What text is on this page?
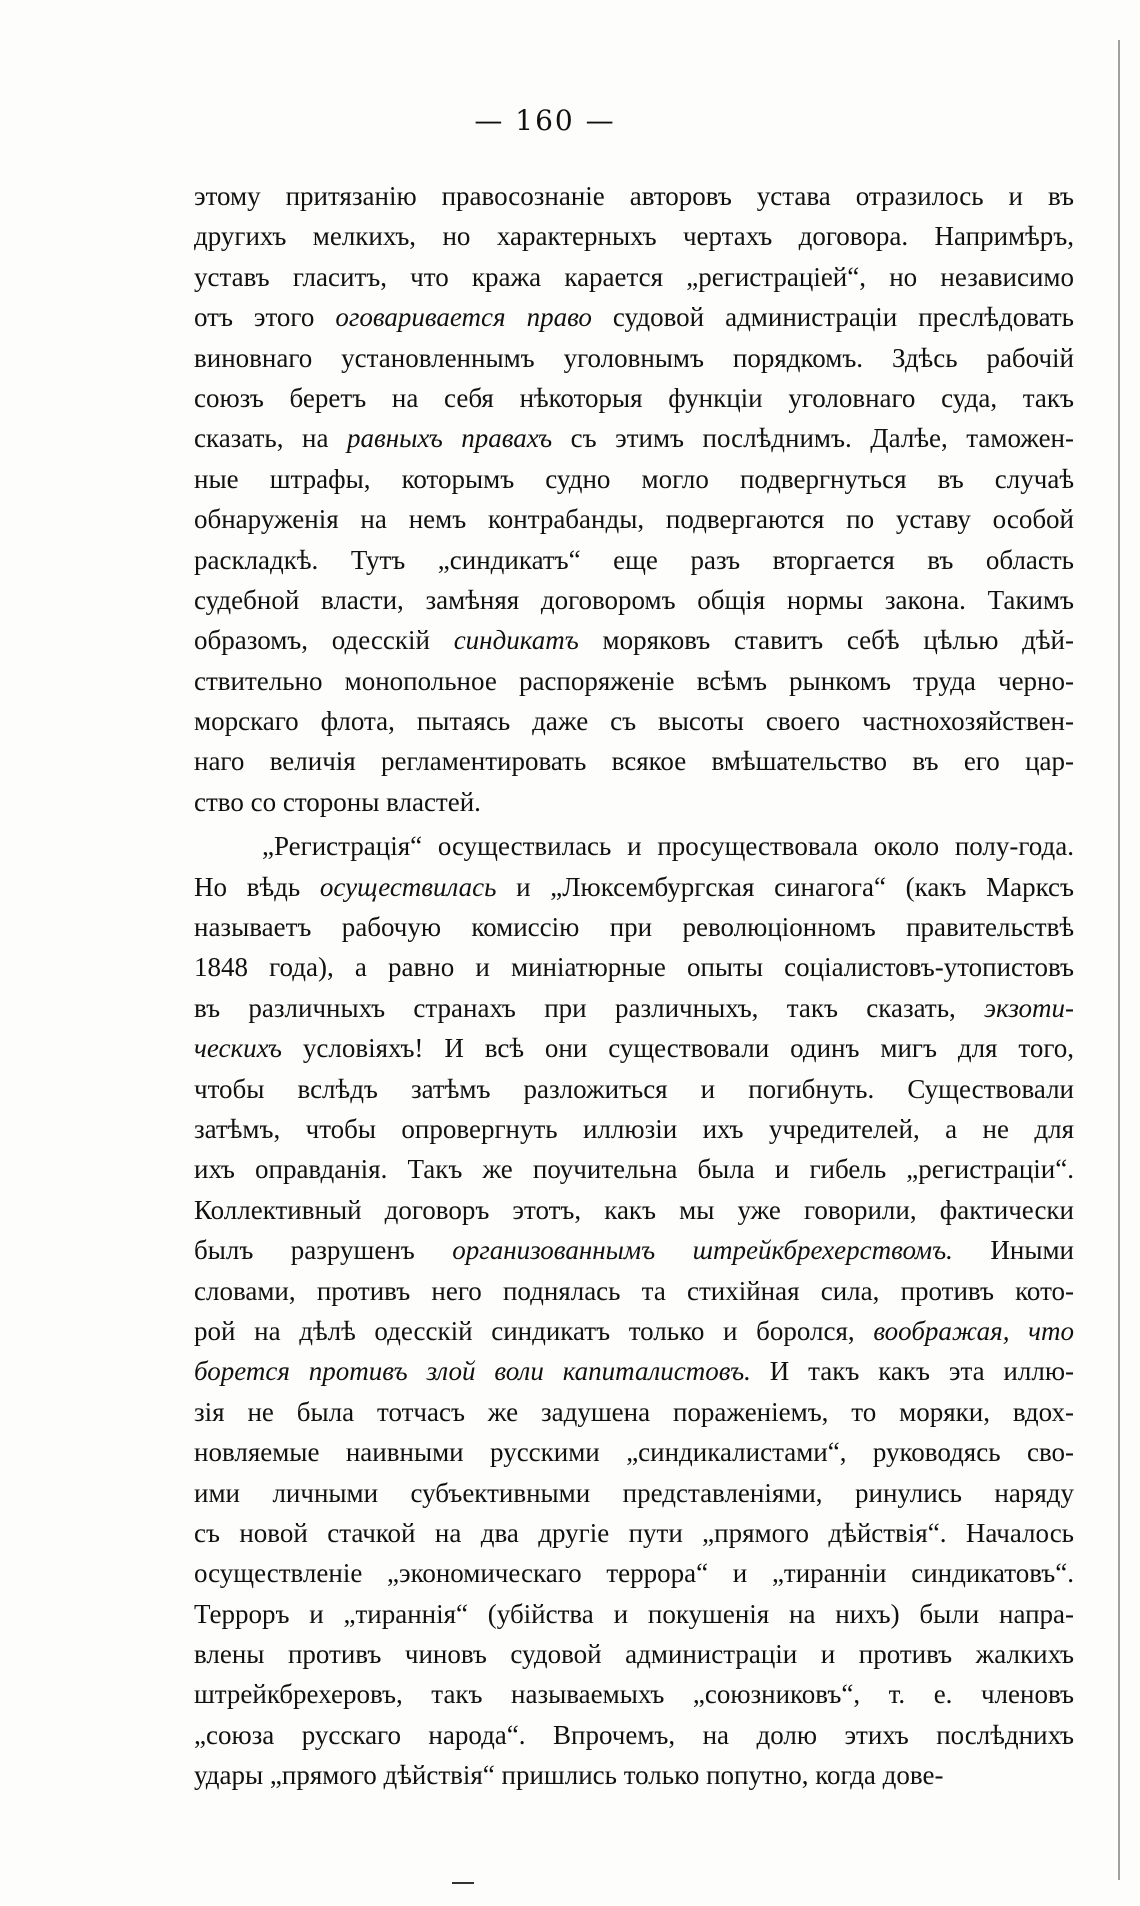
— 160 —
этому притязанію правосознаніе авторовъ устава отразилось и въ
другихъ мелкихъ, но характерныхъ чертахъ договора. Напримѣръ,
уставъ гласитъ, что кража карается „регистраціей“, но независимо
отъ этого оговаривается право судовой администраціи преслѣдовать
виновнаго установленнымъ уголовнымъ порядкомъ. Здѣсь рабочій
союзъ беретъ на себя нѣкоторыя функціи уголовнаго суда, такъ
сказать, на равныхъ правахъ съ этимъ послѣднимъ. Далѣе, таможен-
ные штрафы, которымъ судно могло подвергнуться въ случаѣ
обнаруженія на немъ контрабанды, подвергаются по уставу особой
раскладкѣ. Тутъ „синдикатъ“ еще разъ вторгается въ область
судебной власти, замѣняя договоромъ общія нормы закона. Такимъ
образомъ, одесскій синдикатъ моряковъ ставитъ себѣ цѣлью дѣй-
ствительно монопольное распоряженіе всѣмъ рынкомъ труда черно-
морскаго флота, пытаясь даже съ высоты своего частнохозяйствен-
наго величія регламентировать всякое вмѣшательство въ его цар-
ство со стороны властей.
„Регистрація“ осуществилась и просуществовала около полу-года.
Но вѣдь осуществилась и „Люксембургская синагога“ (какъ Марксъ
называетъ рабочую комиссію при революціонномъ правительствѣ
1848 года), а равно и миніатюрные опыты соціалистовъ-утопистовъ
въ различныхъ странахъ при различныхъ, такъ сказать, экзоти-
ческихъ условіяхъ! И всѣ они существовали одинъ мигъ для того,
чтобы вслѣдъ затѣмъ разложиться и погибнуть. Существовали
затѣмъ, чтобы опровергнуть иллюзіи ихъ учредителей, а не для
ихъ оправданія. Такъ же поучительна была и гибель „регистраціи“.
Коллективный договоръ этотъ, какъ мы уже говорили, фактически
былъ разрушенъ организованнымъ штрейкбрехерствомъ. Иными
словами, противъ него поднялась та стихійная сила, противъ кото-
рой на дѣлѣ одесскій синдикатъ только и боролся, воображая, что
борется противъ злой воли капиталистовъ. И такъ какъ эта иллю-
зія не была тотчасъ же задушена пораженіемъ, то моряки, вдох-
новляемые наивными русскими „синдикалистами“, руководясь сво-
ими личными субъективными представленіями, ринулись наряду
съ новой стачкой на два другіе пути „прямого дѣйствія“. Началось
осуществленіе „экономическаго террора“ и „тиранніи синдикатовъ“.
Терроръ и „тираннія“ (убійства и покушенія на нихъ) были напра-
влены противъ чиновъ судовой администраціи и противъ жалкихъ
штрейкбрехеровъ, такъ называемыхъ „союзниковъ“, т. е. членовъ
„союза русскаго народа“. Впрочемъ, на долю этихъ послѣднихъ
удары „прямого дѣйствія“ пришлись только попутно, когда дове-
